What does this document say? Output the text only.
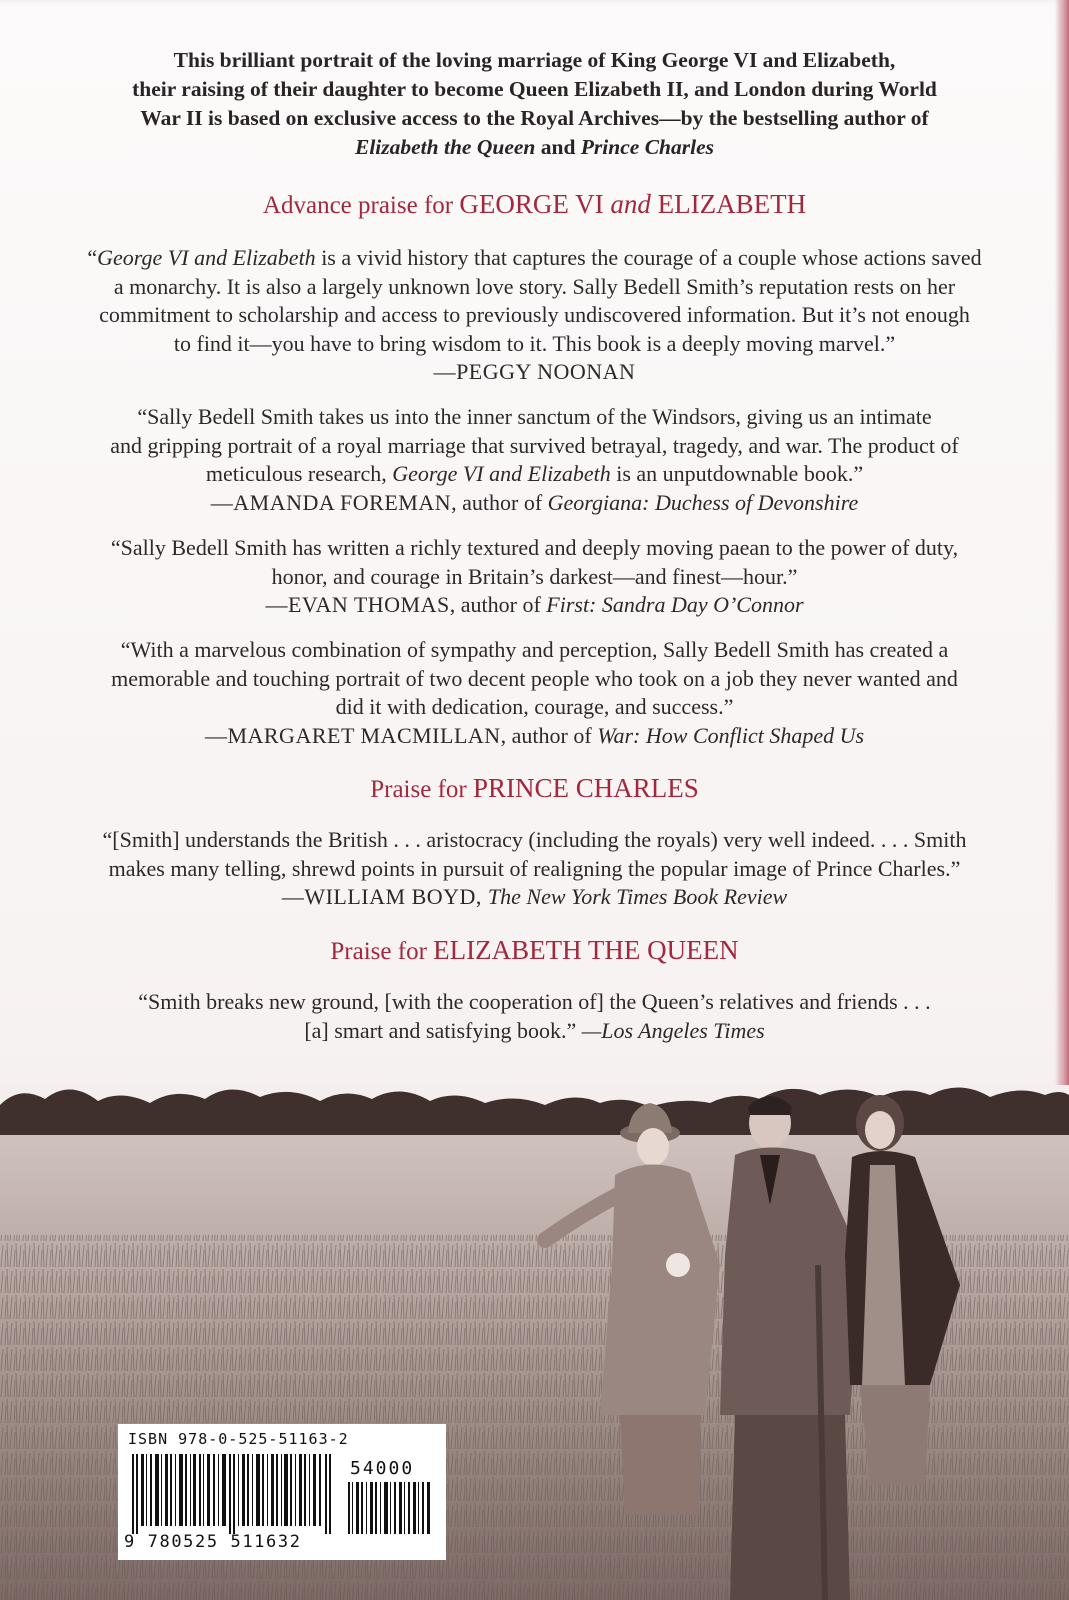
This brilliant portrait of the loving marriage of King George VI and Elizabeth,
their raising of their daughter to become Queen Elizabeth II, and London during World
War II is based on exclusive access to the Royal Archives—by the bestselling author of
Elizabeth the Queen and Prince Charles
Advance praise for GEORGE VI and ELIZABETH
“George VI and Elizabeth is a vivid history that captures the courage of a couple whose actions saved
a monarchy. It is also a largely unknown love story. Sally Bedell Smith’s reputation rests on her
commitment to scholarship and access to previously undiscovered information. But it’s not enough
to find it—you have to bring wisdom to it. This book is a deeply moving marvel.”
—PEGGY NOONAN
“Sally Bedell Smith takes us into the inner sanctum of the Windsors, giving us an intimate
and gripping portrait of a royal marriage that survived betrayal, tragedy, and war. The product of
meticulous research, George VI and Elizabeth is an unputdownable book.”
—AMANDA FOREMAN, author of Georgiana: Duchess of Devonshire
“Sally Bedell Smith has written a richly textured and deeply moving paean to the power of duty,
honor, and courage in Britain’s darkest—and finest—hour.”
—EVAN THOMAS, author of First: Sandra Day O’Connor
“With a marvelous combination of sympathy and perception, Sally Bedell Smith has created a
memorable and touching portrait of two decent people who took on a job they never wanted and
did it with dedication, courage, and success.”
—MARGARET MACMILLAN, author of War: How Conflict Shaped Us
Praise for PRINCE CHARLES
“[Smith] understands the British . . . aristocracy (including the royals) very well indeed. . . . Smith
makes many telling, shrewd points in pursuit of realigning the popular image of Prince Charles.”
—WILLIAM BOYD, The New York Times Book Review
Praise for ELIZABETH THE QUEEN
“Smith breaks new ground, [with the cooperation of] the Queen’s relatives and friends . . .
[a] smart and satisfying book.” —Los Angeles Times
ISBN 978-0-525-51163-2
54000
9 780525 511632
